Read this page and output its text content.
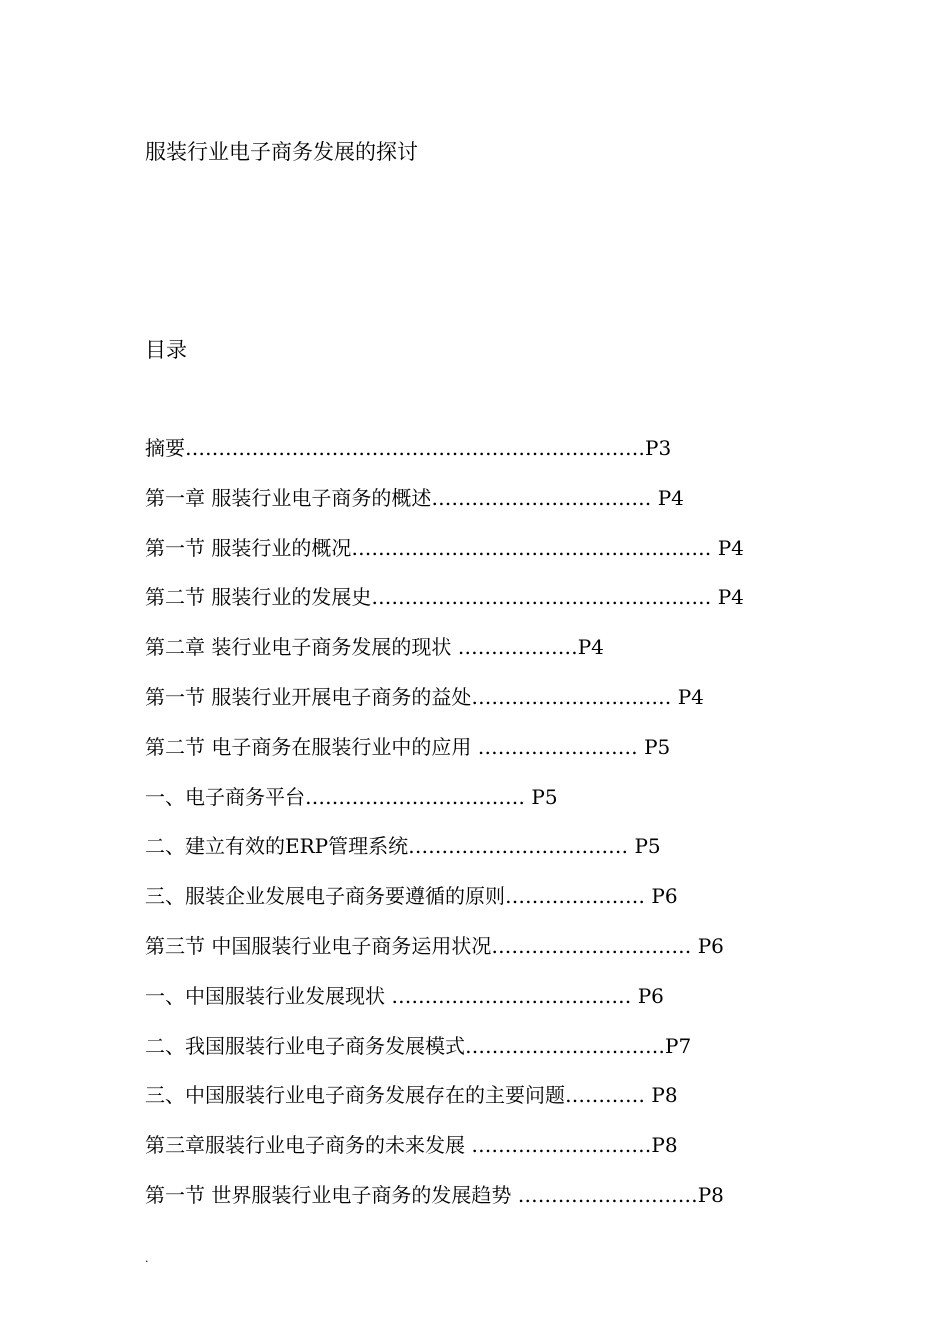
服装行业电子商务发展的探讨
目录
摘要……………………………………………………………P3
第一章 服装行业电子商务的概述…………………………… P4
第一节 服装行业的概况……………………………………………… P4
第二节 服装行业的发展史…………………………………………… P4
第二章 装行业电子商务发展的现状 ………………P4
第一节 服装行业开展电子商务的益处………………………… P4
第二节 电子商务在服装行业中的应用 …………………… P5
一、电子商务平台…………………………… P5
二、建立有效的ERP管理系统…………………………… P5
三、服装企业发展电子商务要遵循的原则………………… P6
第三节 中国服装行业电子商务运用状况………………………… P6
一、中国服装行业发展现状 ……………………………… P6
二、我国服装行业电子商务发展模式…………………………P7
三、中国服装行业电子商务发展存在的主要问题………… P8
第三章服装行业电子商务的未来发展 ………………………P8
第一节 世界服装行业电子商务的发展趋势 ………………………P8
.
